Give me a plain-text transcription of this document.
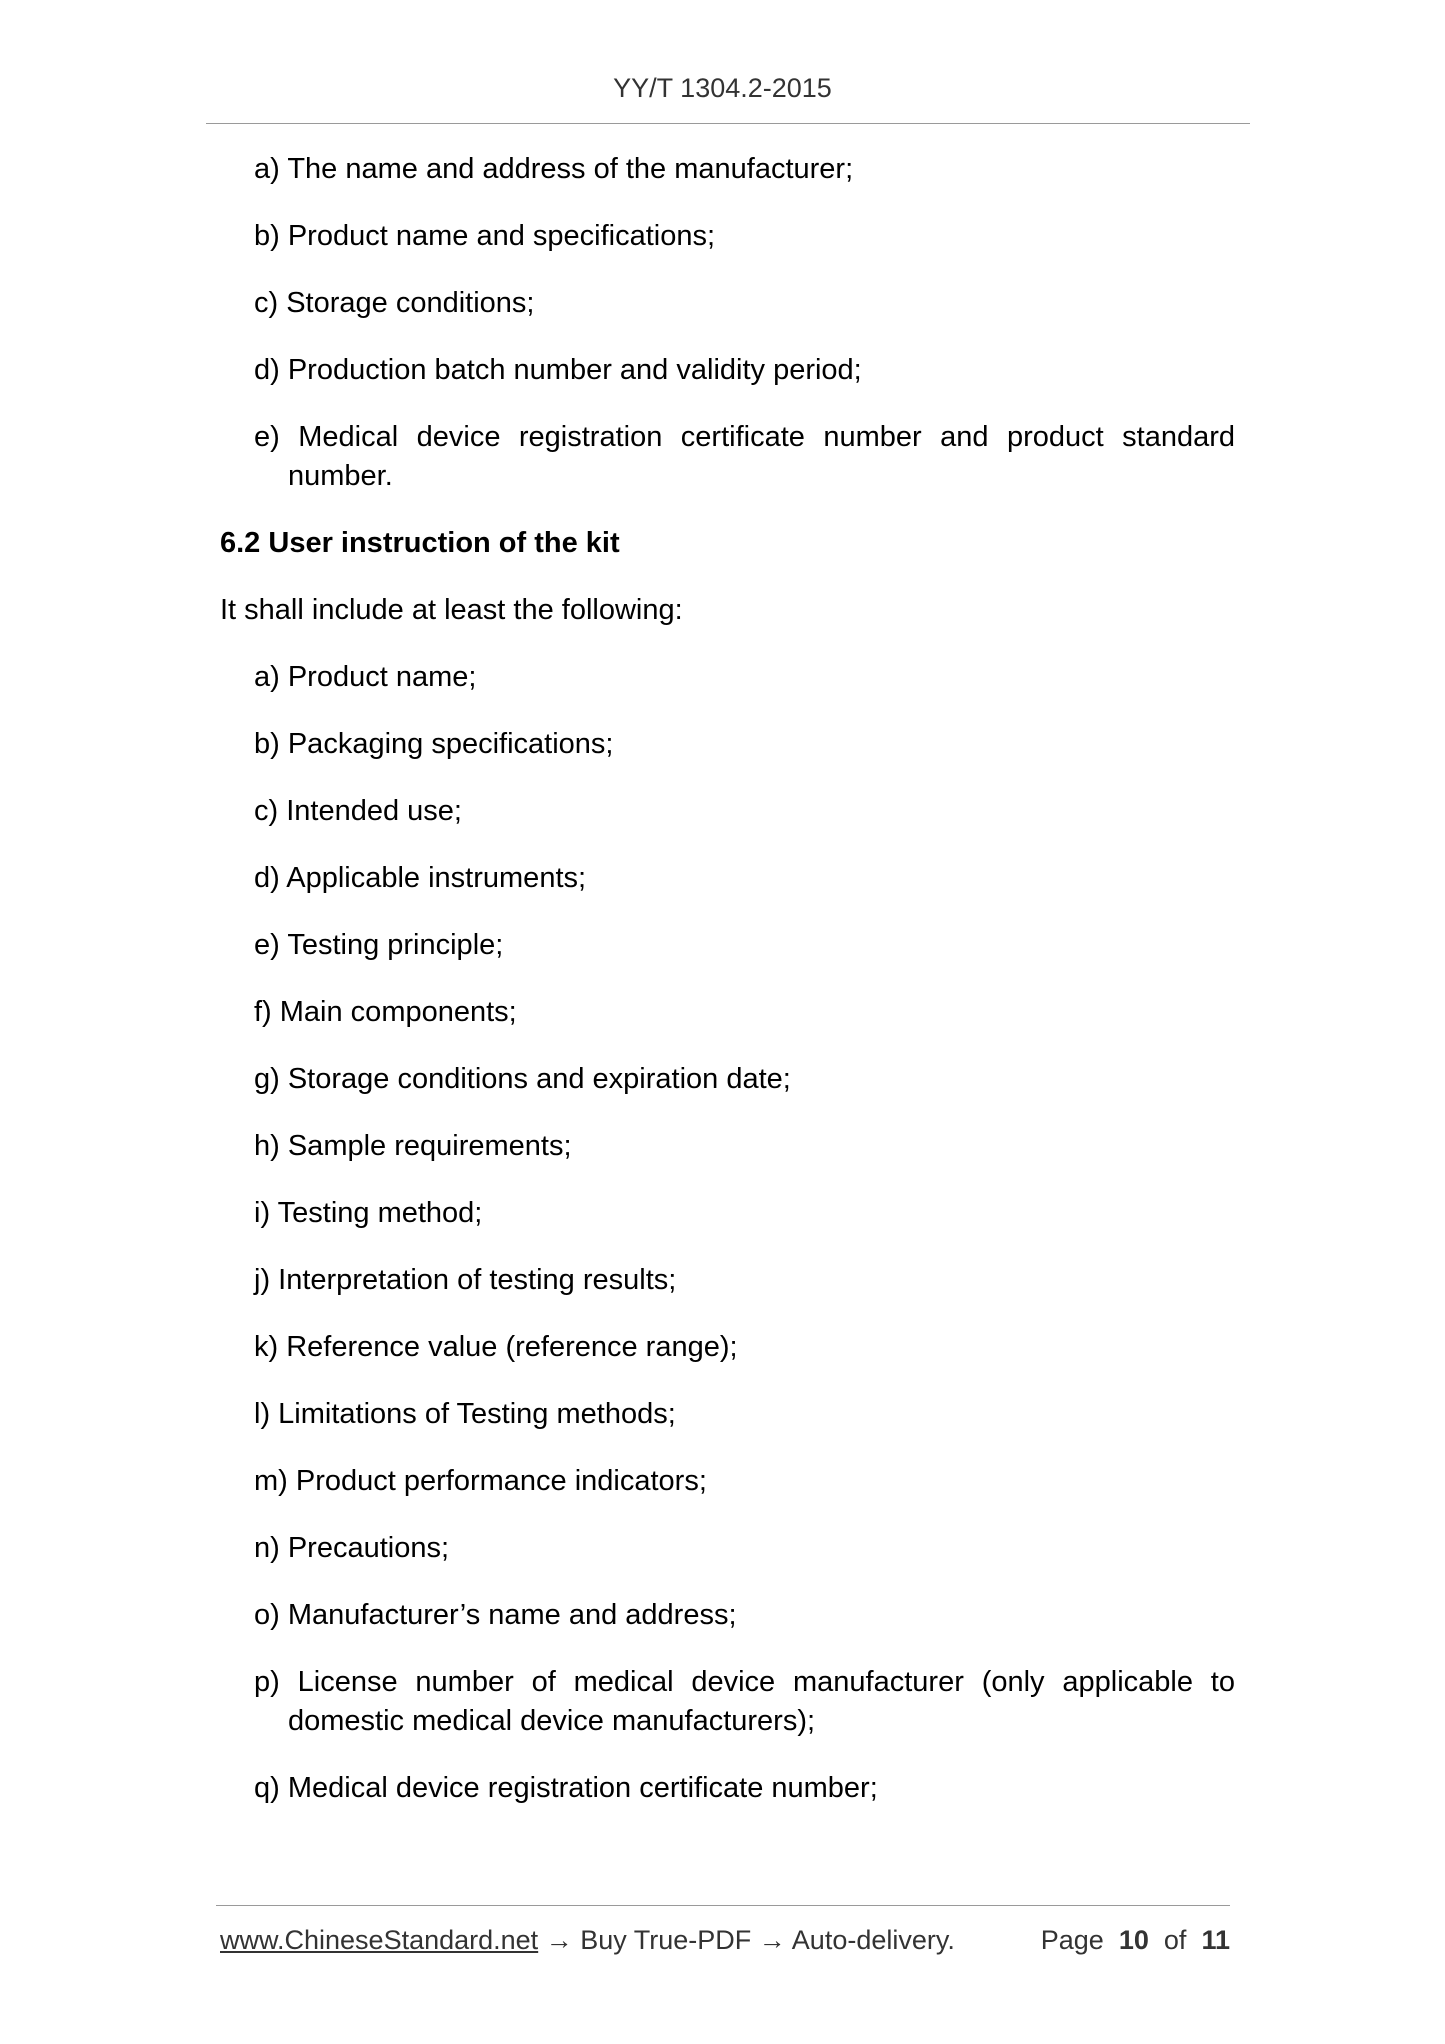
YY/T 1304.2-2015
a) The name and address of the manufacturer;
b) Product name and specifications;
c) Storage conditions;
d) Production batch number and validity period;
e) Medical device registration certificate number and product standard number.
6.2 User instruction of the kit
It shall include at least the following:
a) Product name;
b) Packaging specifications;
c) Intended use;
d) Applicable instruments;
e) Testing principle;
f) Main components;
g) Storage conditions and expiration date;
h) Sample requirements;
i) Testing method;
j) Interpretation of testing results;
k) Reference value (reference range);
l) Limitations of Testing methods;
m) Product performance indicators;
n) Precautions;
o) Manufacturer’s name and address;
p) License number of medical device manufacturer (only applicable to domestic medical device manufacturers);
q) Medical device registration certificate number;
www.ChineseStandard.net → Buy True-PDF → Auto-delivery.	Page 10 of 11
